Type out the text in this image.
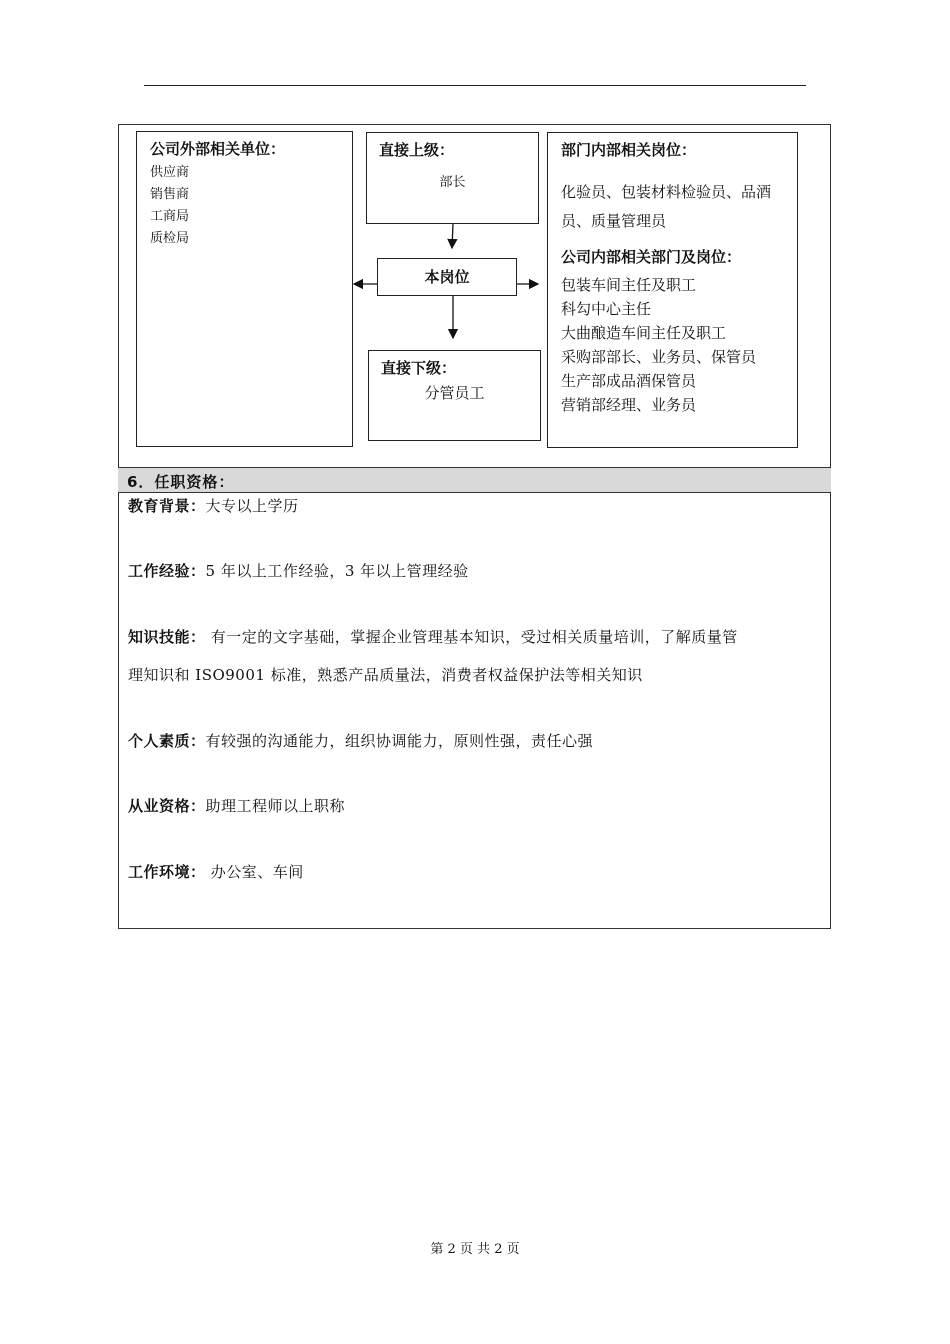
公司外部相关单位：
供应商
销售商
工商局
质检局
直接上级：
部长
本岗位
直接下级：
分管员工
部门内部相关岗位：
化验员、包装材料检验员、品酒
员、质量管理员
公司内部相关部门及岗位：
包装车间主任及职工
科勾中心主任
大曲酿造车间主任及职工
采购部部长、业务员、保管员
生产部成品酒保管员
营销部经理、业务员
6．任职资格：
教育背景：大专以上学历
工作经验：5 年以上工作经验，3 年以上管理经验
知识技能： 有一定的文字基础，掌握企业管理基本知识，受过相关质量培训，了解质量管
理知识和 ISO9001 标准，熟悉产品质量法，消费者权益保护法等相关知识
个人素质：有较强的沟通能力，组织协调能力，原则性强，责任心强
从业资格：助理工程师以上职称
工作环境： 办公室、车间
第 2 页 共 2 页
